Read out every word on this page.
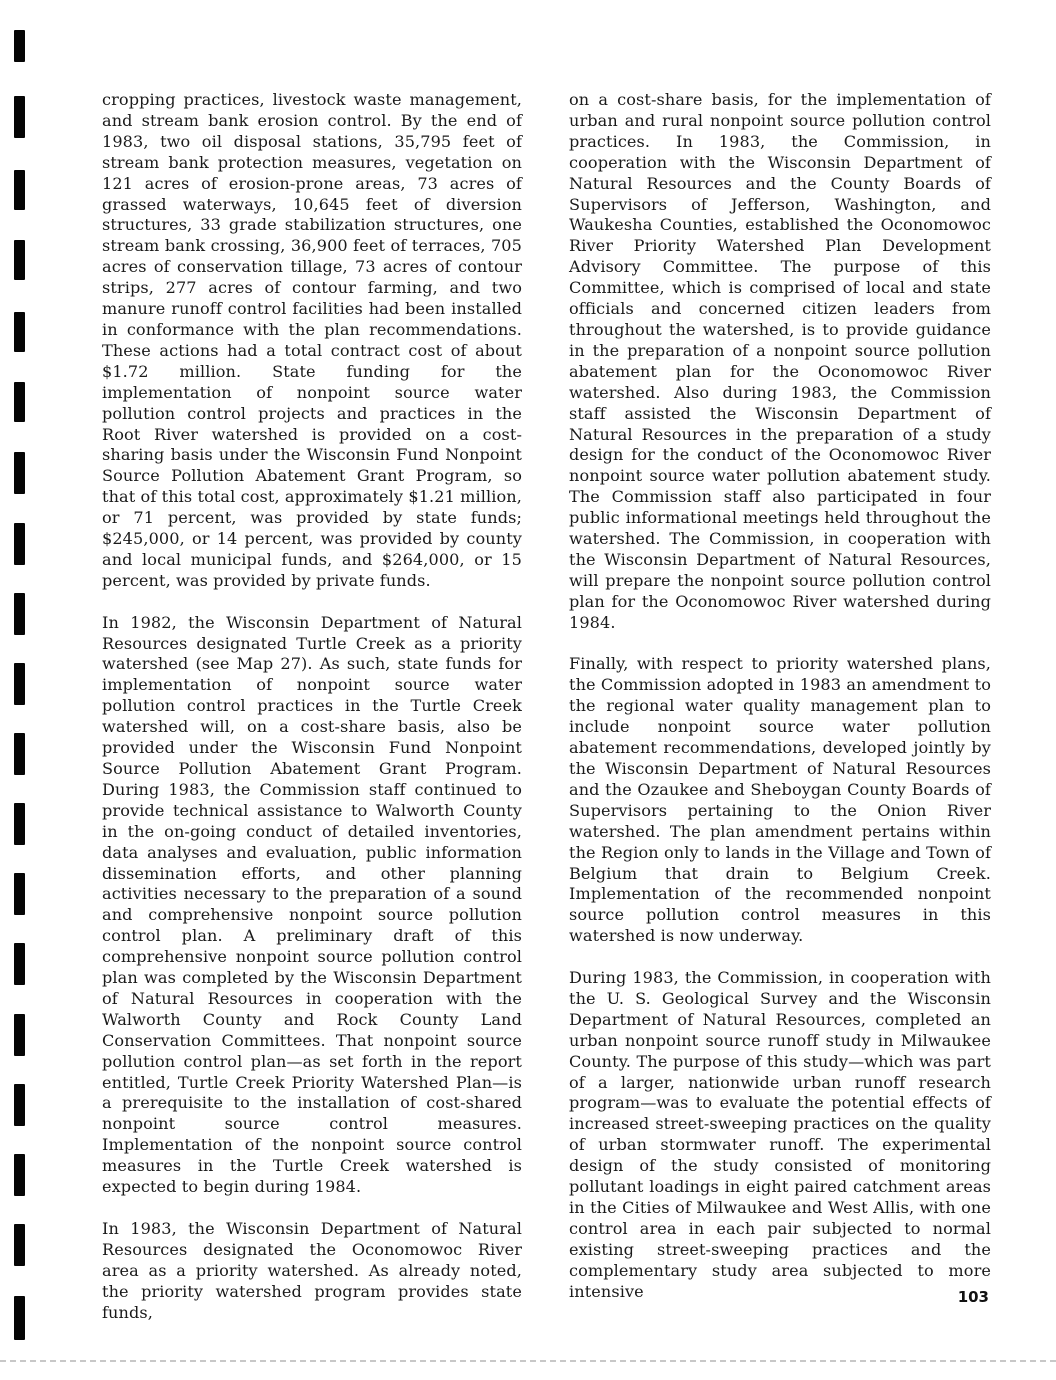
cropping practices, livestock waste management, and stream bank erosion control. By the end of 1983, two oil disposal stations, 35,795 feet of stream bank protection measures, vegetation on 121 acres of erosion-prone areas, 73 acres of grassed waterways, 10,645 feet of diversion structures, 33 grade stabilization structures, one stream bank crossing, 36,900 feet of terraces, 705 acres of conservation tillage, 73 acres of contour strips, 277 acres of contour farming, and two manure runoff control facilities had been installed in conformance with the plan recommendations. These actions had a total contract cost of about $1.72 million. State funding for the implementation of nonpoint source water pollution control projects and practices in the Root River watershed is provided on a cost-sharing basis under the Wisconsin Fund Nonpoint Source Pollution Abatement Grant Program, so that of this total cost, approximately $1.21 million, or 71 percent, was provided by state funds; $245,000, or 14 percent, was provided by county and local municipal funds, and $264,000, or 15 percent, was provided by private funds.

In 1982, the Wisconsin Department of Natural Resources designated Turtle Creek as a priority watershed (see Map 27). As such, state funds for implementation of nonpoint source water pollution control practices in the Turtle Creek watershed will, on a cost-share basis, also be provided under the Wisconsin Fund Nonpoint Source Pollution Abatement Grant Program. During 1983, the Commission staff continued to provide technical assistance to Walworth County in the on-going conduct of detailed inventories, data analyses and evaluation, public information dissemination efforts, and other planning activities necessary to the preparation of a sound and comprehensive nonpoint source pollution control plan. A preliminary draft of this comprehensive nonpoint source pollution control plan was completed by the Wisconsin Department of Natural Resources in cooperation with the Walworth County and Rock County Land Conservation Committees. That nonpoint source pollution control plan—as set forth in the report entitled, Turtle Creek Priority Watershed Plan—is a prerequisite to the installation of cost-shared nonpoint source control measures. Implementation of the nonpoint source control measures in the Turtle Creek watershed is expected to begin during 1984.

In 1983, the Wisconsin Department of Natural Resources designated the Oconomowoc River area as a priority watershed. As already noted, the priority watershed program provides state funds,

on a cost-share basis, for the implementation of urban and rural nonpoint source pollution control practices. In 1983, the Commission, in cooperation with the Wisconsin Department of Natural Resources and the County Boards of Supervisors of Jefferson, Washington, and Waukesha Counties, established the Oconomowoc River Priority Watershed Plan Development Advisory Committee. The purpose of this Committee, which is comprised of local and state officials and concerned citizen leaders from throughout the watershed, is to provide guidance in the preparation of a nonpoint source pollution abatement plan for the Oconomowoc River watershed. Also during 1983, the Commission staff assisted the Wisconsin Department of Natural Resources in the preparation of a study design for the conduct of the Oconomowoc River nonpoint source water pollution abatement study. The Commission staff also participated in four public informational meetings held throughout the watershed. The Commission, in cooperation with the Wisconsin Department of Natural Resources, will prepare the nonpoint source pollution control plan for the Oconomowoc River watershed during 1984.

Finally, with respect to priority watershed plans, the Commission adopted in 1983 an amendment to the regional water quality management plan to include nonpoint source water pollution abatement recommendations, developed jointly by the Wisconsin Department of Natural Resources and the Ozaukee and Sheboygan County Boards of Supervisors pertaining to the Onion River watershed. The plan amendment pertains within the Region only to lands in the Village and Town of Belgium that drain to Belgium Creek. Implementation of the recommended nonpoint source pollution control measures in this watershed is now underway.

During 1983, the Commission, in cooperation with the U. S. Geological Survey and the Wisconsin Department of Natural Resources, completed an urban nonpoint source runoff study in Milwaukee County. The purpose of this study—which was part of a larger, nationwide urban runoff research program—was to evaluate the potential effects of increased street-sweeping practices on the quality of urban stormwater runoff. The experimental design of the study consisted of monitoring pollutant loadings in eight paired catchment areas in the Cities of Milwaukee and West Allis, with one control area in each pair subjected to normal existing street-sweeping practices and the complementary study area subjected to more intensive	103
